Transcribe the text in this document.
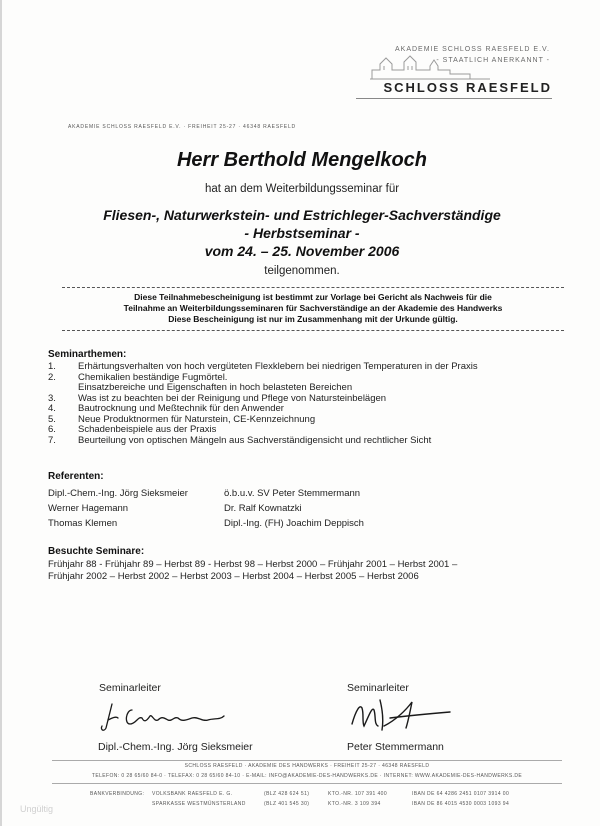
AKADEMIE SCHLOSS RAESFELD E.V.
- STAATLICH ANERKANNT -
SCHLOSS RAESFELD
AKADEMIE SCHLOSS RAESFELD E.V. · FREIHEIT 25-27 · 46348 RAESFELD
Herr Berthold Mengelkoch
hat an dem Weiterbildungsseminar für
Fliesen-, Naturwerkstein- und Estrichleger-Sachverständige
- Herbstseminar -
vom 24. – 25. November 2006
teilgenommen.
Diese Teilnahmebescheinigung ist bestimmt zur Vorlage bei Gericht als Nachweis für die
Teilnahme an Weiterbildungsseminaren für Sachverständige an der Akademie des Handwerks
Diese Bescheinigung ist nur im Zusammenhang mit der Urkunde gültig.
Seminarthemen:
1. Erhärtungsverhalten von hoch vergüteten Flexklebern bei niedrigen Temperaturen in der Praxis
2. Chemikalien beständige Fugmörtel.
Einsatzbereiche und Eigenschaften in hoch belasteten Bereichen
3. Was ist zu beachten bei der Reinigung und Pflege von Natursteinbelägen
4. Bautrocknung und Meßtechnik für den Anwender
5. Neue Produktnormen für Naturstein, CE-Kennzeichnung
6. Schadenbeispiele aus der Praxis
7. Beurteilung von optischen Mängeln aus Sachverständigensicht und rechtlicher Sicht
Referenten:
Dipl.-Chem.-Ing. Jörg Sieksmeier	ö.b.u.v. SV Peter Stemmermann
Werner Hagemann	Dr. Ralf Kownatzki
Thomas Klemen	Dipl.-Ing. (FH) Joachim Deppisch
Besuchte Seminare:
Frühjahr 88 - Frühjahr 89 – Herbst 89 - Herbst 98 – Herbst 2000 – Frühjahr 2001 – Herbst 2001 –
Frühjahr 2002 – Herbst 2002 – Herbst 2003 – Herbst 2004 – Herbst 2005 – Herbst 2006
Seminarleiter
Dipl.-Chem.-Ing. Jörg Sieksmeier
Seminarleiter
Peter Stemmermann
SCHLOSS RAESFELD · AKADEMIE DES HANDWERKS · FREIHEIT 25-27 · 46348 RAESFELD
TELEFON: 0 28 65/60 84-0 · TELEFAX: 0 28 65/60 84-10 · E-MAIL: INFO@AKADEMIE-DES-HANDWERKS.DE · INTERNET: WWW.AKADEMIE-DES-HANDWERKS.DE
BANKVERBINDUNG: VOLKSBANK RAESFELD E. G.	(BLZ 428 624 51)	KTO.-NR. 107 391 400	IBAN DE 64 4286 2451 0107 3914 00
SPARKASSE WESTMÜNSTERLAND	(BLZ 401 545 30)	KTO.-NR. 3 109 394	IBAN DE 86 4015 4530 0003 1093 94
Ungültig
